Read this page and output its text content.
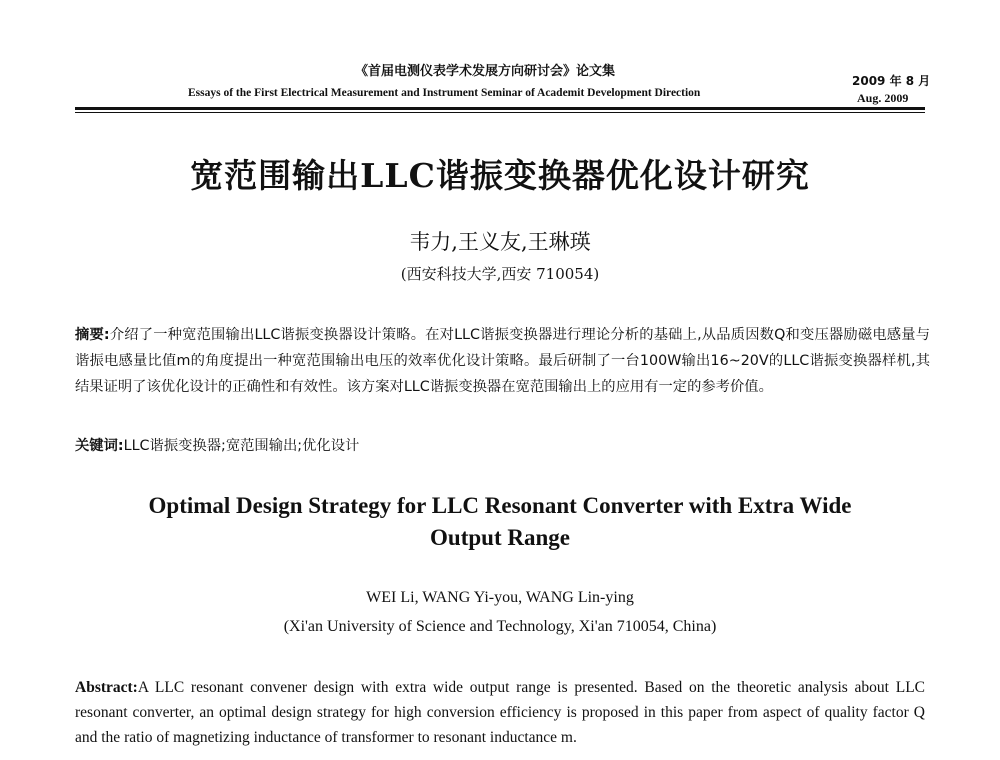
《首届电测仪表学术发展方向研讨会》论文集
Essays of the First Electrical Measurement and Instrument Seminar of Academit Development Direction
2009 年 8 月
Aug. 2009
宽范围输出LLC谐振变换器优化设计研究
韦力,王义友,王琳瑛
(西安科技大学,西安 710054)
摘要:介绍了一种宽范围输出LLC谐振变换器设计策略。在对LLC谐振变换器进行理论分析的基础上,从品质因数Q和变压器励磁电感量与谐振电感量比值m的角度提出一种宽范围输出电压的效率优化设计策略。最后研制了一台100W输出16~20V的LLC谐振变换器样机,其结果证明了该优化设计的正确性和有效性。该方案对LLC谐振变换器在宽范围输出上的应用有一定的参考价值。
关键词:LLC谐振变换器;宽范围输出;优化设计
Optimal Design Strategy for LLC Resonant Converter with Extra Wide
Output Range
WEI Li, WANG Yi-you, WANG Lin-ying
(Xi'an University of Science and Technology, Xi'an 710054, China)
Abstract:A LLC resonant convener design with extra wide output range is presented. Based on the theoretic analysis about LLC resonant converter, an optimal design strategy for high conversion efficiency is proposed in this paper from aspect of quality factor Q and the ratio of magnetizing inductance of transformer to resonant inductance m.
